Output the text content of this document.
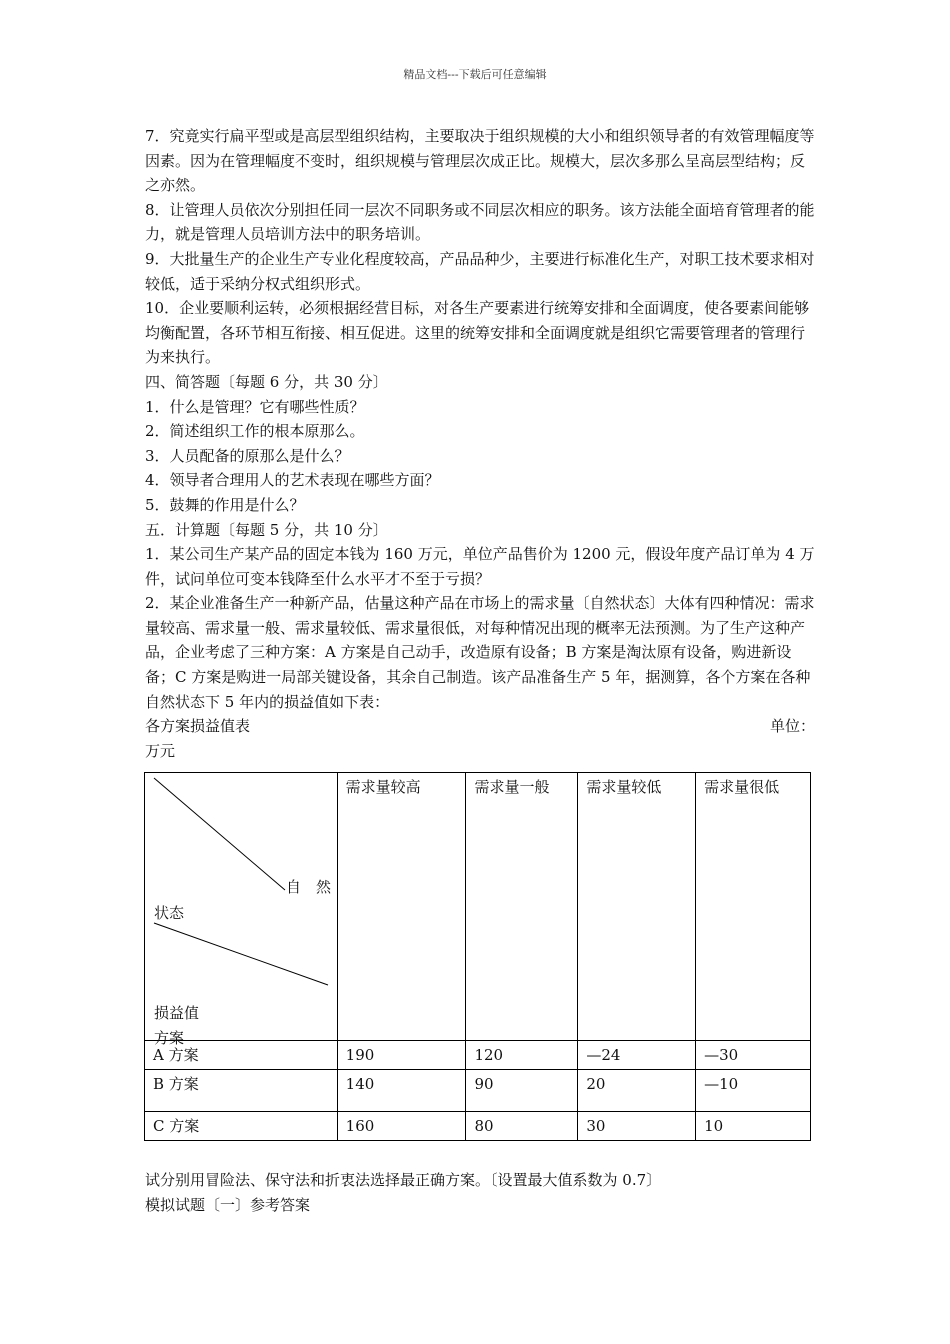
精品文档---下载后可任意编辑

7．究竟实行扁平型或是高层型组织结构，主要取决于组织规模的大小和组织领导者的有效管理幅度等因素。因为在管理幅度不变时，组织规模与管理层次成正比。规模大，层次多那么呈高层型结构；反之亦然。

8．让管理人员依次分别担任同一层次不同职务或不同层次相应的职务。该方法能全面培育管理者的能力，就是管理人员培训方法中的职务培训。

9．大批量生产的企业生产专业化程度较高，产品品种少，主要进行标准化生产，对职工技术要求相对较低，适于采纳分权式组织形式。

10．企业要顺利运转，必须根据经营目标，对各生产要素进行统筹安排和全面调度，使各要素间能够均衡配置，各环节相互衔接、相互促进。这里的统筹安排和全面调度就是组织它需要管理者的管理行为来执行。

四、简答题〔每题 6 分，共 30 分〕

1．什么是管理？它有哪些性质？

2．简述组织工作的根本原那么。

3．人员配备的原那么是什么？

4．领导者合理用人的艺术表现在哪些方面？

5．鼓舞的作用是什么？

五．计算题〔每题 5 分，共 10 分〕

1．某公司生产某产品的固定本钱为 160 万元，单位产品售价为 1200 元，假设年度产品订单为 4 万件，试问单位可变本钱降至什么水平才不至于亏损？

2．某企业准备生产一种新产品，估量这种产品在市场上的需求量〔自然状态〕大体有四种情况：需求量较高、需求量一般、需求量较低、需求量很低，对每种情况出现的概率无法预测。为了生产这种产品，企业考虑了三种方案：A 方案是自己动手，改造原有设备；B 方案是淘汰原有设备，购进新设备；C 方案是购进一局部关键设备，其余自己制造。该产品准备生产 5 年，据测算，各个方案在各种自然状态下 5 年内的损益值如下表：

各方案损益值表	单位：

万元

自　然
状态
损益值
方案	需求量较高	需求量一般	需求量较低	需求量很低
A 方案	190	120	—24	—30
B 方案	140	90	20	—10
C 方案	160	80	30	10

试分别用冒险法、保守法和折衷法选择最正确方案。〔设置最大值系数为 0.7〕

模拟试题〔一〕参考答案
